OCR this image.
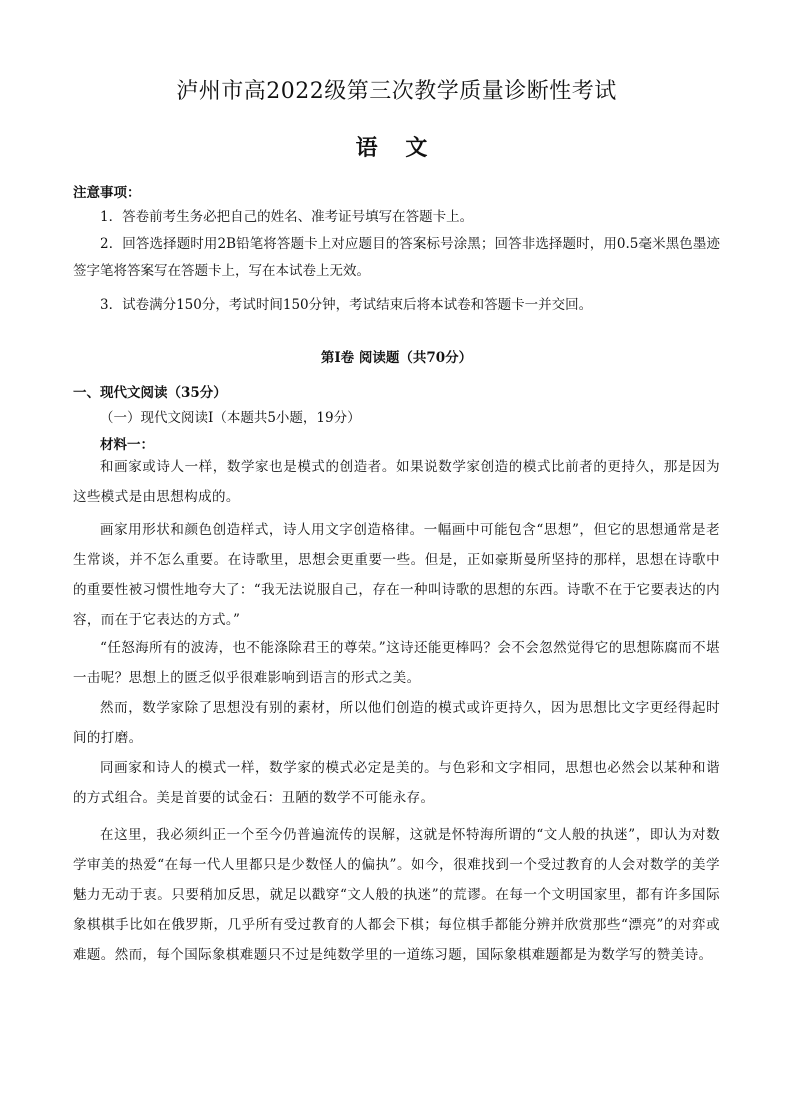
泸州市高2022级第三次教学质量诊断性考试
语 文
注意事项：

1．答卷前考生务必把自己的姓名、准考证号填写在答题卡上。

2．回答选择题时用2B铅笔将答题卡上对应题目的答案标号涂黑；回答非选择题时，用0.5毫米黑色墨迹签字笔将答案写在答题卡上，写在本试卷上无效。

3．试卷满分150分，考试时间150分钟，考试结束后将本试卷和答题卡一并交回。

第I卷 阅读题（共70分）
一、现代文阅读（35分）
（一）现代文阅读I（本题共5小题，19分）
材料一：

和画家或诗人一样，数学家也是模式的创造者。如果说数学家创造的模式比前者的更持久，那是因为这些模式是由思想构成的。

画家用形状和颜色创造样式，诗人用文字创造格律。一幅画中可能包含“思想”，但它的思想通常是老生常谈，并不怎么重要。在诗歌里，思想会更重要一些。但是，正如豪斯曼所坚持的那样，思想在诗歌中的重要性被习惯性地夸大了：“我无法说服自己，存在一种叫诗歌的思想的东西。诗歌不在于它要表达的内容，而在于它表达的方式。”

“任怒海所有的波涛，也不能涤除君王的尊荣。”这诗还能更棒吗？会不会忽然觉得它的思想陈腐而不堪一击呢？思想上的匮乏似乎很难影响到语言的形式之美。

然而，数学家除了思想没有别的素材，所以他们创造的模式或许更持久，因为思想比文字更经得起时间的打磨。

同画家和诗人的模式一样，数学家的模式必定是美的。与色彩和文字相同，思想也必然会以某种和谐的方式组合。美是首要的试金石：丑陋的数学不可能永存。

在这里，我必须纠正一个至今仍普遍流传的误解，这就是怀特海所谓的“文人般的执迷”，即认为对数学审美的热爱“在每一代人里都只是少数怪人的偏执”。如今，很难找到一个受过教育的人会对数学的美学魅力无动于衷。只要稍加反思，就足以戳穿“文人般的执迷”的荒谬。在每一个文明国家里，都有许多国际象棋棋手比如在俄罗斯，几乎所有受过教育的人都会下棋；每位棋手都能分辨并欣赏那些“漂亮”的对弈或难题。然而，每个国际象棋难题只不过是纯数学里的一道练习题，国际象棋难题都是为数学写的赞美诗。
